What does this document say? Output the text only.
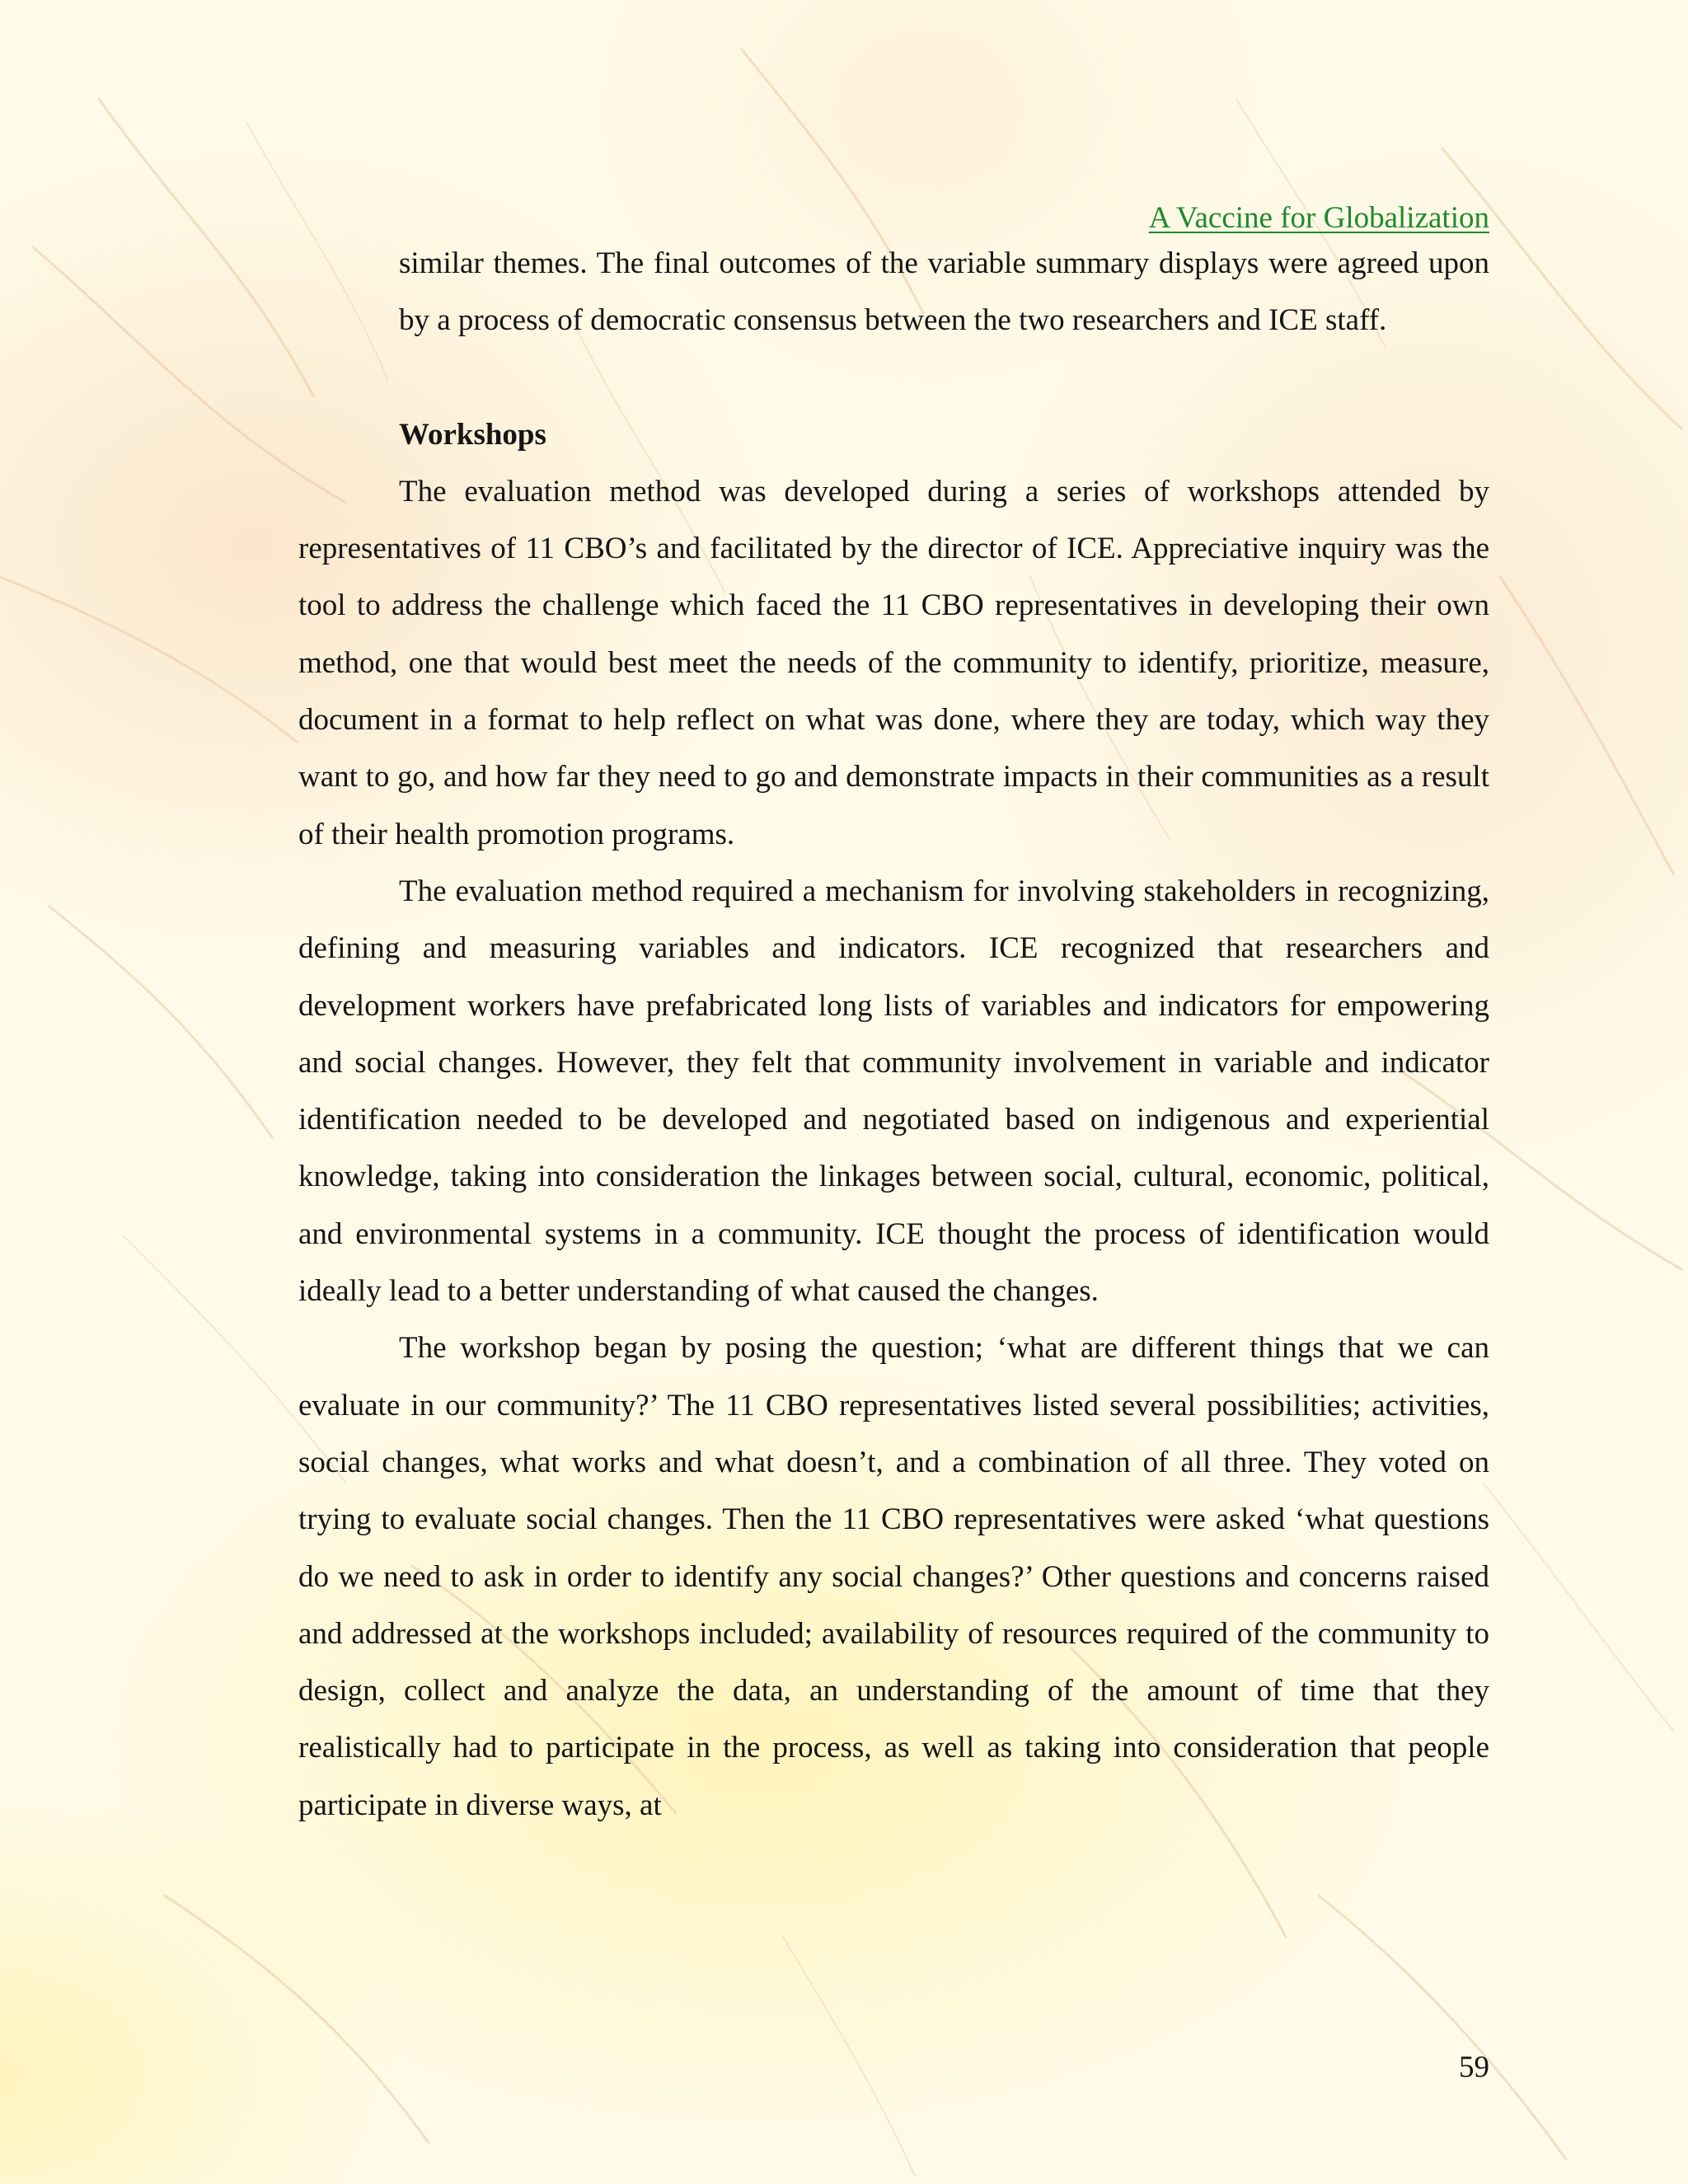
A Vaccine for Globalization

similar themes. The final outcomes of the variable summary displays were agreed upon by a process of democratic consensus between the two researchers and ICE staff.

Workshops

The evaluation method was developed during a series of workshops attended by representatives of 11 CBO’s and facilitated by the director of ICE. Appreciative inquiry was the tool to address the challenge which faced the 11 CBO representatives in developing their own method, one that would best meet the needs of the community to identify, prioritize, measure, document in a format to help reflect on what was done, where they are today, which way they want to go, and how far they need to go and demonstrate impacts in their communities as a result of their health promotion programs.

The evaluation method required a mechanism for involving stakeholders in recognizing, defining and measuring variables and indicators. ICE recognized that researchers and development workers have prefabricated long lists of variables and indicators for empowering and social changes. However, they felt that community involvement in variable and indicator identification needed to be developed and negotiated based on indigenous and experiential knowledge, taking into consideration the linkages between social, cultural, economic, political, and environmental systems in a community. ICE thought the process of identification would ideally lead to a better understanding of what caused the changes.

The workshop began by posing the question; ‘what are different things that we can evaluate in our community?’ The 11 CBO representatives listed several possibilities; activities, social changes, what works and what doesn’t, and a combination of all three. They voted on trying to evaluate social changes. Then the 11 CBO representatives were asked ‘what questions do we need to ask in order to identify any social changes?’ Other questions and concerns raised and addressed at the workshops included; availability of resources required of the community to design, collect and analyze the data, an understanding of the amount of time that they realistically had to participate in the process, as well as taking into consideration that people participate in diverse ways, at

59
